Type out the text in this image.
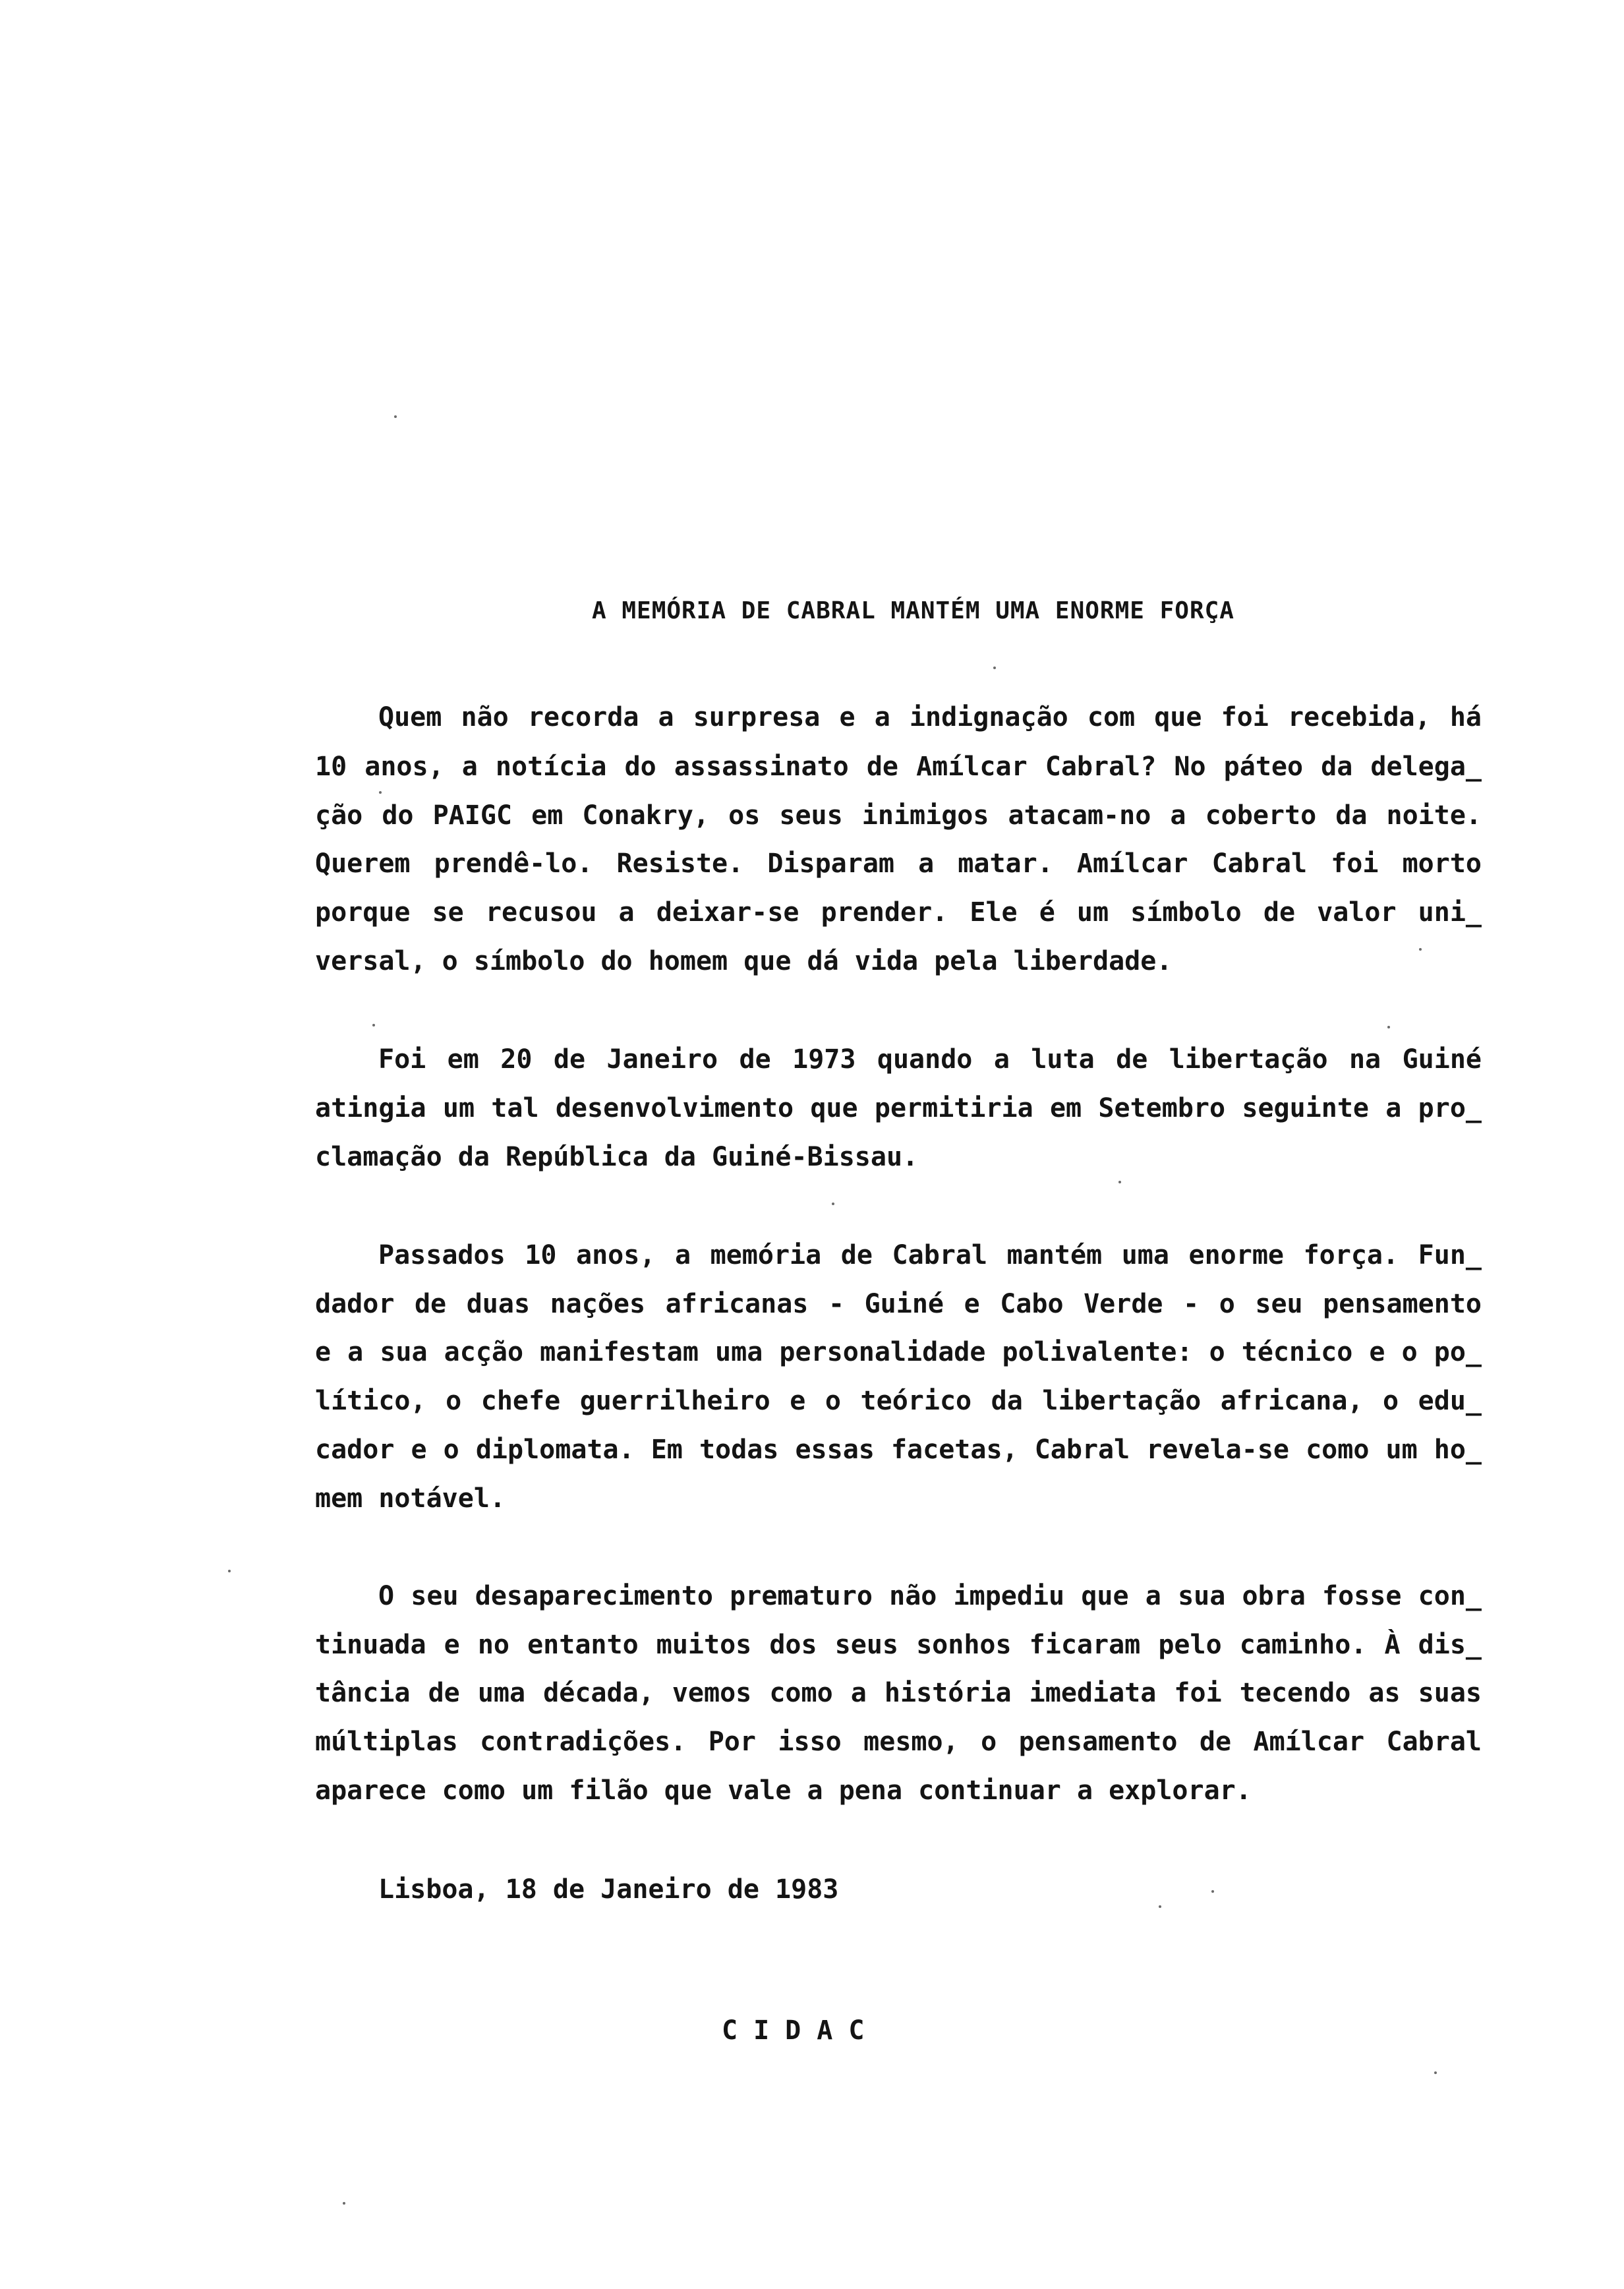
A MEMÓRIA DE CABRAL MANTÉM UMA ENORME FORÇA
Quem não recorda a surpresa e a indignação com que foi recebida, há
10 anos, a notícia do assassinato de Amílcar Cabral? No páteo da delega_
ção do PAIGC em Conakry, os seus inimigos atacam-no a coberto da noite.
Querem prendê-lo. Resiste. Disparam a matar. Amílcar Cabral foi morto
porque se recusou a deixar-se prender. Ele é um símbolo de valor uni_
versal, o símbolo do homem que dá vida pela liberdade.
Foi em 20 de Janeiro de 1973 quando a luta de libertação na Guiné
atingia um tal desenvolvimento que permitiria em Setembro seguinte a pro_
clamação da República da Guiné-Bissau.
Passados 10 anos, a memória de Cabral mantém uma enorme força. Fun_
dador de duas nações africanas - Guiné e Cabo Verde - o seu pensamento
e a sua acção manifestam uma personalidade polivalente: o técnico e o po_
lítico, o chefe guerrilheiro e o teórico da libertação africana, o edu_
cador e o diplomata. Em todas essas facetas, Cabral revela-se como um ho_
mem notável.
O seu desaparecimento prematuro não impediu que a sua obra fosse con_
tinuada e no entanto muitos dos seus sonhos ficaram pelo caminho. À dis_
tância de uma década, vemos como a história imediata foi tecendo as suas
múltiplas contradições. Por isso mesmo, o pensamento de Amílcar Cabral
aparece como um filão que vale a pena continuar a explorar.
Lisboa, 18 de Janeiro de 1983
CIDAC
